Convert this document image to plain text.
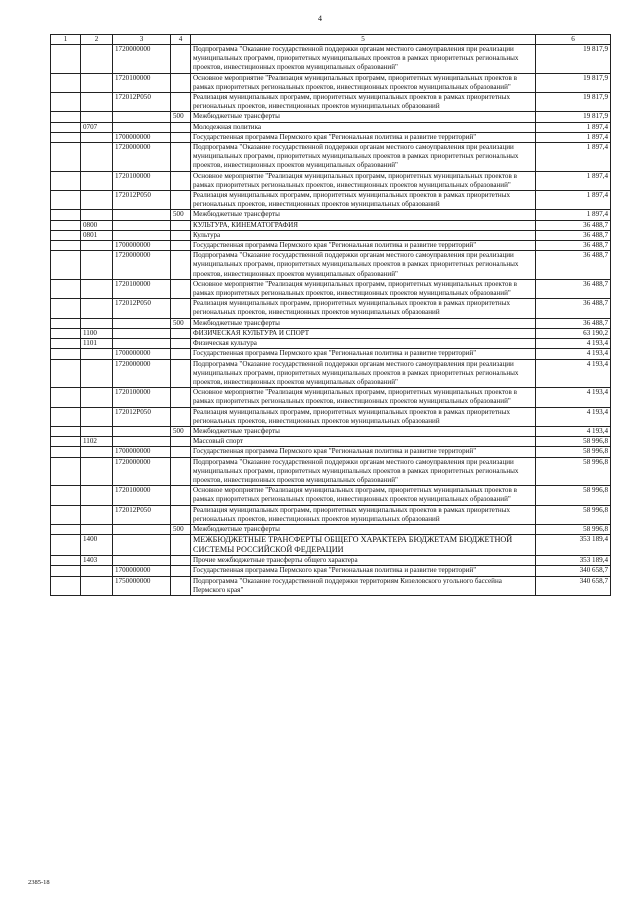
4
1	2	3	4	5	6
		1720000000		Подпрограмма "Оказание государственной поддержки органам местного самоуправления при реализации муниципальных программ, приоритетных муниципальных проектов в рамках приоритетных региональных проектов, инвестиционных проектов муниципальных образований"	19 817,9
		1720100000		Основное мероприятие "Реализация муниципальных программ, приоритетных муниципальных проектов в рамках приоритетных региональных проектов, инвестиционных проектов муниципальных образований"	19 817,9
		172012Р050		Реализация муниципальных программ, приоритетных муниципальных проектов в рамках приоритетных региональных проектов, инвестиционных проектов муниципальных образований	19 817,9
			500	Межбюджетные трансферты	19 817,9
	0707			Молодежная политика	1 897,4
		1700000000		Государственная программа Пермского края "Региональная политика и развитие территорий"	1 897,4
		1720000000		Подпрограмма "Оказание государственной поддержки органам местного самоуправления при реализации муниципальных программ, приоритетных муниципальных проектов в рамках приоритетных региональных проектов, инвестиционных проектов муниципальных образований"	1 897,4
		1720100000		Основное мероприятие "Реализация муниципальных программ, приоритетных муниципальных проектов в рамках приоритетных региональных проектов, инвестиционных проектов муниципальных образований"	1 897,4
		172012Р050		Реализация муниципальных программ, приоритетных муниципальных проектов в рамках приоритетных региональных проектов, инвестиционных проектов муниципальных образований	1 897,4
			500	Межбюджетные трансферты	1 897,4
	0800			КУЛЬТУРА, КИНЕМАТОГРАФИЯ	36 488,7
	0801			Культура	36 488,7
		1700000000		Государственная программа Пермского края "Региональная политика и развитие территорий"	36 488,7
		1720000000		Подпрограмма "Оказание государственной поддержки органам местного самоуправления при реализации муниципальных программ, приоритетных муниципальных проектов в рамках приоритетных региональных проектов, инвестиционных проектов муниципальных образований"	36 488,7
		1720100000		Основное мероприятие "Реализация муниципальных программ, приоритетных муниципальных проектов в рамках приоритетных региональных проектов, инвестиционных проектов муниципальных образований"	36 488,7
		172012Р050		Реализация муниципальных программ, приоритетных муниципальных проектов в рамках приоритетных региональных проектов, инвестиционных проектов муниципальных образований	36 488,7
			500	Межбюджетные трансферты	36 488,7
	1100			ФИЗИЧЕСКАЯ КУЛЬТУРА И СПОРТ	63 190,2
	1101			Физическая культура	4 193,4
		1700000000		Государственная программа Пермского края "Региональная политика и развитие территорий"	4 193,4
		1720000000		Подпрограмма "Оказание государственной поддержки органам местного самоуправления при реализации муниципальных программ, приоритетных муниципальных проектов в рамках приоритетных региональных проектов, инвестиционных проектов муниципальных образований"	4 193,4
		1720100000		Основное мероприятие "Реализация муниципальных программ, приоритетных муниципальных проектов в рамках приоритетных региональных проектов, инвестиционных проектов муниципальных образований"	4 193,4
		172012Р050		Реализация муниципальных программ, приоритетных муниципальных проектов в рамках приоритетных региональных проектов, инвестиционных проектов муниципальных образований	4 193,4
			500	Межбюджетные трансферты	4 193,4
	1102			Массовый спорт	58 996,8
		1700000000		Государственная программа Пермского края "Региональная политика и развитие территорий"	58 996,8
		1720000000		Подпрограмма "Оказание государственной поддержки органам местного самоуправления при реализации муниципальных программ, приоритетных муниципальных проектов в рамках приоритетных региональных проектов, инвестиционных проектов муниципальных образований"	58 996,8
		1720100000		Основное мероприятие "Реализация муниципальных программ, приоритетных муниципальных проектов в рамках приоритетных региональных проектов, инвестиционных проектов муниципальных образований"	58 996,8
		172012Р050		Реализация муниципальных программ, приоритетных муниципальных проектов в рамках приоритетных региональных проектов, инвестиционных проектов муниципальных образований	58 996,8
			500	Межбюджетные трансферты	58 996,8
	1400			МЕЖБЮДЖЕТНЫЕ ТРАНСФЕРТЫ ОБЩЕГО ХАРАКТЕРА БЮДЖЕТАМ БЮДЖЕТНОЙ СИСТЕМЫ РОССИЙСКОЙ ФЕДЕРАЦИИ	353 189,4
	1403			Прочие межбюджетные трансферты общего характера	353 189,4
		1700000000		Государственная программа Пермского края "Региональная политика и развитие территорий"	340 658,7
		1750000000		Подпрограмма "Оказание государственной поддержки территориям Кизеловского угольного бассейна Пермского края"	340 658,7
2385-18
